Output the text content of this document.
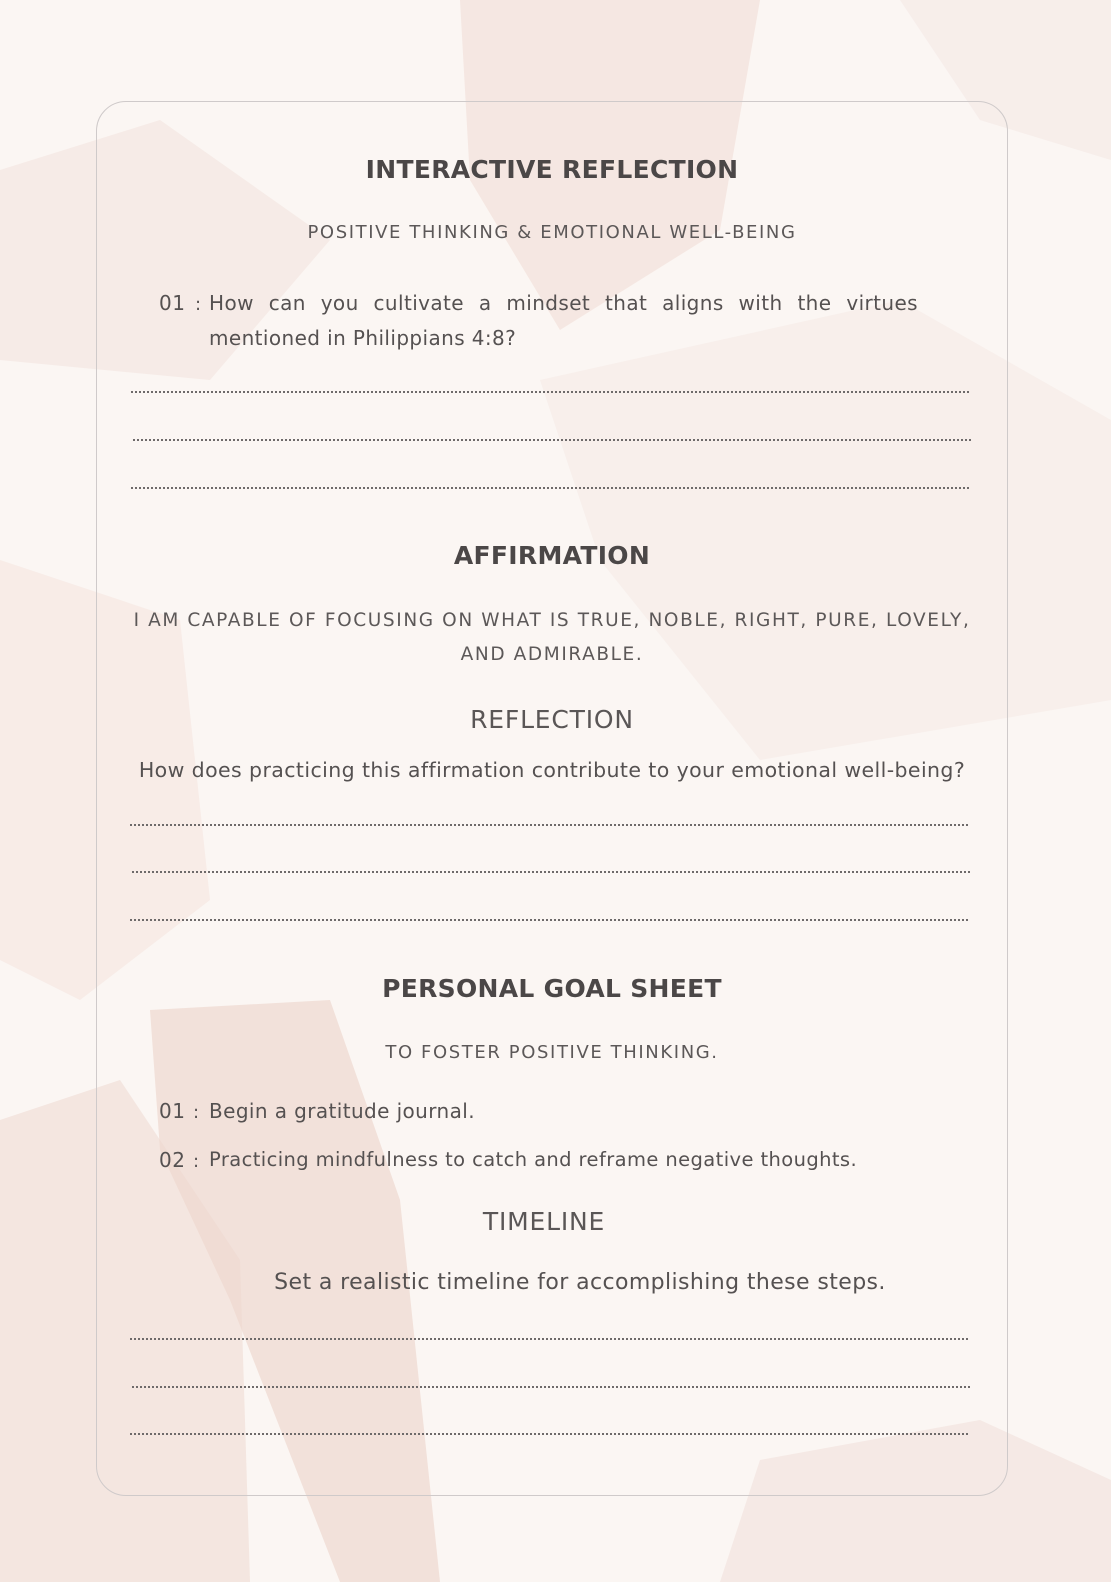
INTERACTIVE REFLECTION
POSITIVE THINKING & EMOTIONAL WELL-BEING
01 : How can you cultivate a mindset that aligns with the virtues
mentioned in Philippians 4:8?
AFFIRMATION
I AM CAPABLE OF FOCUSING ON WHAT IS TRUE, NOBLE, RIGHT, PURE, LOVELY,
AND ADMIRABLE.
REFLECTION
How does practicing this affirmation contribute to your emotional well-being?
PERSONAL GOAL SHEET
TO FOSTER POSITIVE THINKING.
01 : Begin a gratitude journal.
02 : Practicing mindfulness to catch and reframe negative thoughts.
TIMELINE
Set a realistic timeline for accomplishing these steps.
